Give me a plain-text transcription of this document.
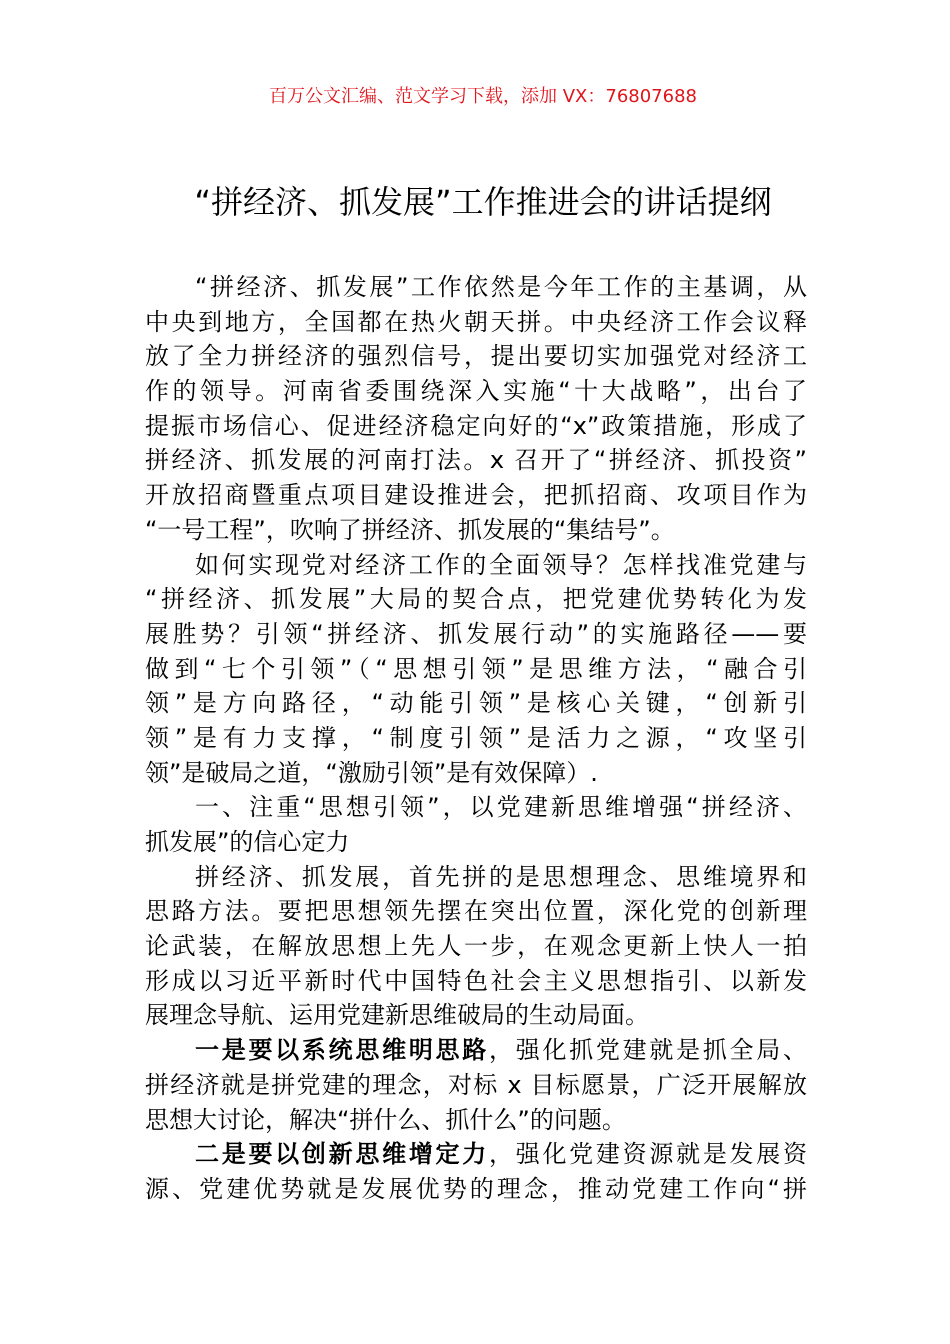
百万公文汇编、范文学习下载，添加 VX：76807688
“拼经济、抓发展”工作推进会的讲话提纲
“拼经济、抓发展”工作依然是今年工作的主基调，从
中央到地方，全国都在热火朝天拼。中央经济工作会议释
放了全力拼经济的强烈信号，提出要切实加强党对经济工
作的领导。河南省委围绕深入实施“十大战略”，出台了
提振市场信心、促进经济稳定向好的“x”政策措施，形成了
拼经济、抓发展的河南打法。x 召开了“拼经济、抓投资”
开放招商暨重点项目建设推进会，把抓招商、攻项目作为
“一号工程”，吹响了拼经济、抓发展的“集结号”。
如何实现党对经济工作的全面领导？怎样找准党建与
“拼经济、抓发展”大局的契合点，把党建优势转化为发
展胜势？引领“拼经济、抓发展行动”的实施路径——要
做到“七个引领”（“思想引领”是思维方法，“融合引
领”是方向路径，“动能引领”是核心关键，“创新引
领”是有力支撑，“制度引领”是活力之源，“攻坚引
领”是破局之道，“激励引领”是有效保障）.
一、注重“思想引领”，以党建新思维增强“拼经济、
抓发展”的信心定力
拼经济、抓发展，首先拼的是思想理念、思维境界和
思路方法。要把思想领先摆在突出位置，深化党的创新理
论武装，在解放思想上先人一步，在观念更新上快人一拍
形成以习近平新时代中国特色社会主义思想指引、以新发
展理念导航、运用党建新思维破局的生动局面。
一是要以系统思维明思路，强化抓党建就是抓全局、
拼经济就是拼党建的理念，对标 x 目标愿景，广泛开展解放
思想大讨论，解决“拼什么、抓什么”的问题。
二是要以创新思维增定力，强化党建资源就是发展资
源、党建优势就是发展优势的理念，推动党建工作向“拼
